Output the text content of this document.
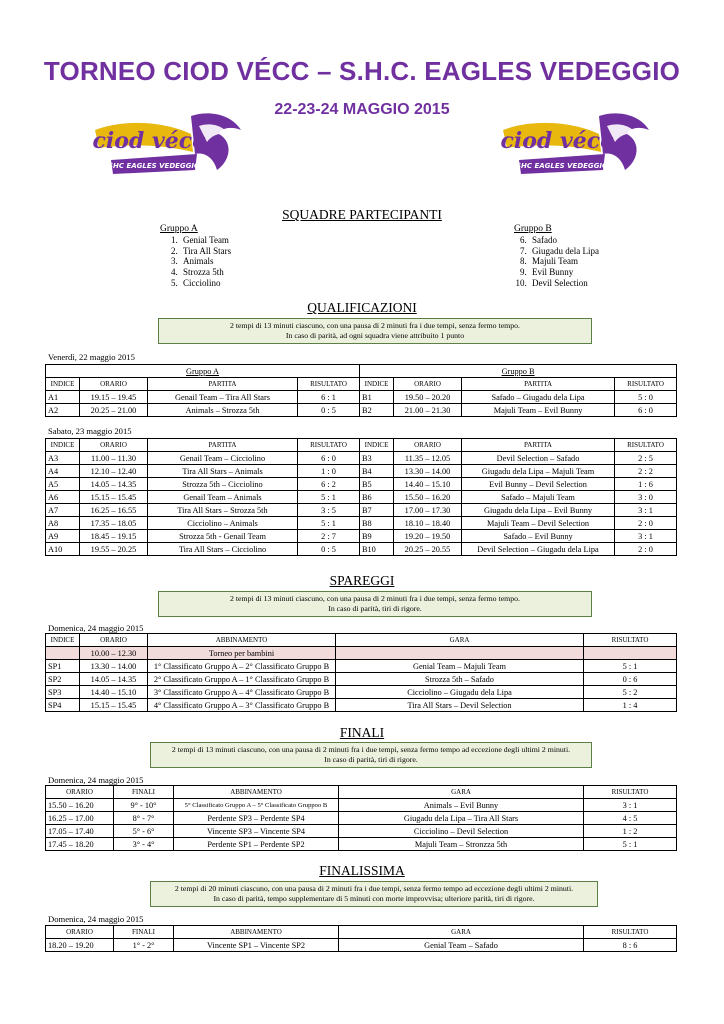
TORNEO CIOD VÉCC – S.H.C. EAGLES VEDEGGIO
22-23-24 MAGGIO 2015
ciod vécc
SHC EAGLES VEDEGGIO
ciod vécc
SHC EAGLES VEDEGGIO
SQUADRE PARTECIPANTI
Gruppo A
1. Genial Team
2. Tira All Stars
3. Animals
4. Strozza 5th
5. Cicciolino
Gruppo B
6. Safado
7. Giugadu dela Lipa
8. Majuli Team
9. Evil Bunny
10. Devil Selection
QUALIFICAZIONI
2 tempi di 13 minuti ciascuno, con una pausa di 2 minuti fra i due tempi, senza fermo tempo.
In caso di parità, ad ogni squadra viene attribuito 1 punto
Venerdì, 22 maggio 2015
Gruppo A				Gruppo B			
INDICE	ORARIO	PARTITA	RISULTATO	INDICE	ORARIO	PARTITA	RISULTATO
A1	19.15 – 19.45	Genail Team – Tira All Stars	6 : 1	B1	19.50 – 20.20	Safado – Giugadu dela Lipa	5 : 0
A2	20.25 – 21.00	Animals – Strozza 5th	0 : 5	B2	21.00 – 21.30	Majuli Team – Evil Bunny	6 : 0
Sabato, 23 maggio 2015
INDICE	ORARIO	PARTITA	RISULTATO	INDICE	ORARIO	PARTITA	RISULTATO
A3	11.00 – 11.30	Genail Team – Cicciolino	6 : 0	B3	11.35 – 12.05	Devil Selection – Safado	2 : 5
A4	12.10 – 12.40	Tira All Stars – Animals	1 : 0	B4	13.30 – 14.00	Giugadu dela Lipa – Majuli Team	2 : 2
A5	14.05 – 14.35	Strozza 5th – Cicciolino	6 : 2	B5	14.40 – 15.10	Evil Bunny – Devil Selection	1 : 6
A6	15.15 – 15.45	Genail Team – Animals	5 : 1	B6	15.50 – 16.20	Safado – Majuli Team	3 : 0
A7	16.25 – 16.55	Tira All Stars – Strozza 5th	3 : 5	B7	17.00 – 17.30	Giugadu dela Lipa – Evil Bunny	3 : 1
A8	17.35 – 18.05	Cicciolino – Animals	5 : 1	B8	18.10 – 18.40	Majuli Team – Devil Selection	2 : 0
A9	18.45 – 19.15	Strozza 5th - Genail Team	2 : 7	B9	19.20 – 19.50	Safado – Evil Bunny	3 : 1
A10	19.55 – 20.25	Tira All Stars – Cicciolino	0 : 5	B10	20.25 – 20.55	Devil Selection – Giugadu dela Lipa	2 : 0
SPAREGGI
2 tempi di 13 minuti ciascuno, con una pausa di 2 minuti fra i due tempi, senza fermo tempo.
In caso di parità, tiri di rigore.
Domenica, 24 maggio 2015
INDICE	ORARIO	ABBINAMENTO	GARA	RISULTATO
	10.00 – 12.30	Torneo per bambini		
SP1	13.30 – 14.00	1° Classificato Gruppo A – 2° Classificato Gruppo B	Genial Team – Majuli Team	5 : 1
SP2	14.05 – 14.35	2° Classificato Gruppo A – 1° Classificato Gruppo B	Strozza 5th – Safado	0 : 6
SP3	14.40 – 15.10	3° Classificato Gruppo A – 4° Classificato Gruppo B	Cicciolino – Giugadu dela Lipa	5 : 2
SP4	15.15 – 15.45	4° Classificato Gruppo A – 3° Classificato Gruppo B	Tira All Stars – Devil Selection	1 : 4
FINALI
2 tempi di 13 minuti ciascuno, con una pausa di 2 minuti fra i due tempi, senza fermo tempo ad eccezione degli ultimi 2 minuti.
In caso di parità, tiri di rigore.
Domenica, 24 maggio 2015
ORARIO	FINALI	ABBINAMENTO	GARA	RISULTATO
15.50 – 16.20	9° - 10°	5° Classificato Gruppo A – 5° Classificato Gruppoo B	Animals – Evil Bunny	3 : 1
16.25 – 17.00	8° - 7°	Perdente SP3 – Perdente SP4	Giugadu dela Lipa – Tira All Stars	4 : 5
17.05 – 17.40	5° - 6°	Vincente SP3 – Vincente SP4	Cicciolino – Devil Selection	1 : 2
17.45 – 18.20	3° - 4°	Perdente SP1 – Perdente SP2	Majuli Team – Stronzza 5th	5 : 1
FINALISSIMA
2 tempi di 20 minuti ciascuno, con una pausa di 2 minuti fra i due tempi, senza fermo tempo ad eccezione degli ultimi 2 minuti.
In caso di parità, tempo supplementare di 5 minuti con morte improvvisa; ulteriore parità, tiri di rigore.
Domenica, 24 maggio 2015
ORARIO	FINALI	ABBINAMENTO	GARA	RISULTATO
18.20 – 19.20	1° - 2°	Vincente SP1 – Vincente SP2	Genial Team – Safado	8 : 6
